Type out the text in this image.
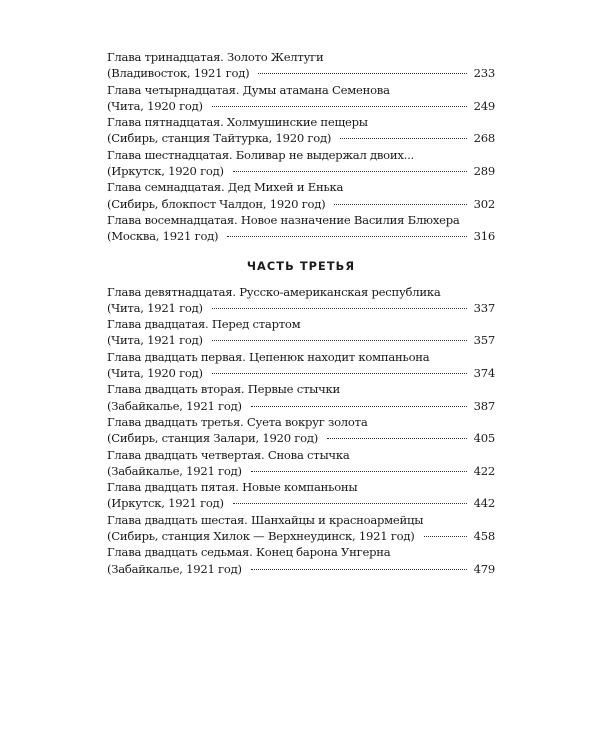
Глава тринадцатая. Золото Желтуги
(Владивосток, 1921 год)	233
Глава четырнадцатая. Думы атамана Семенова
(Чита, 1920 год)	249
Глава пятнадцатая. Холмушинские пещеры
(Сибирь, станция Тайтурка, 1920 год)	268
Глава шестнадцатая. Боливар не выдержал двоих...
(Иркутск, 1920 год)	289
Глава семнадцатая. Дед Михей и Енька
(Сибирь, блокпост Чалдон, 1920 год)	302
Глава восемнадцатая. Новое назначение Василия Блюхера
(Москва, 1921 год)	316
ЧАСТЬ ТРЕТЬЯ
Глава девятнадцатая. Русско-американская республика
(Чита, 1921 год)	337
Глава двадцатая. Перед стартом
(Чита, 1921 год)	357
Глава двадцать первая. Цепенюк находит компаньона
(Чита, 1920 год)	374
Глава двадцать вторая. Первые стычки
(Забайкалье, 1921 год)	387
Глава двадцать третья. Суета вокруг золота
(Сибирь, станция Залари, 1920 год)	405
Глава двадцать четвертая. Снова стычка
(Забайкалье, 1921 год)	422
Глава двадцать пятая. Новые компаньоны
(Иркутск, 1921 год)	442
Глава двадцать шестая. Шанхайцы и красноармейцы
(Сибирь, станция Хилок — Верхнеудинск, 1921 год)	458
Глава двадцать седьмая. Конец барона Унгерна
(Забайкалье, 1921 год)	479
